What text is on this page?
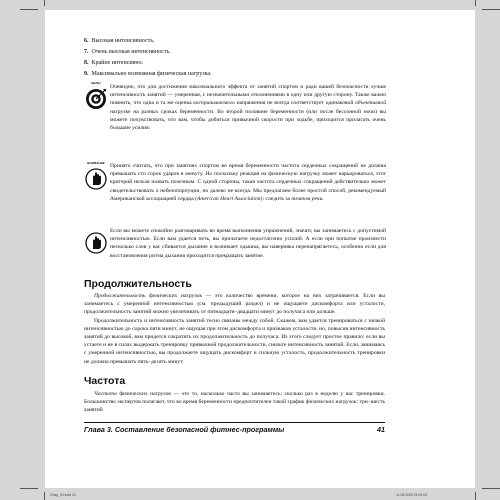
6. Высокая интенсивность.
7. Очень высокая интенсивность.
8. Крайне интенсивно.
9. Максимально возможная физическая нагрузка.
ЦЕЛЬ!
Очевидно, что для достижения максимального эффекта от занятий спортом и ради вашей безопасности лучше интенсивность занятий — умеренная, с незначительными отклонениями в одну или другую сторону. Также важно помнить, что одна и та же оценка воспринимаемого напряжения не всегда соответствует одинаковой объективной нагрузке на разных сроках беременности. Во второй половине беременности (или после бессонной ночи) вы можете почувствовать, что вам, чтобы добиться привычной скорости при ходьбе, приходится прилагать очень большие усилия.
ВНИМАНИЕ Принято считать, что при занятиях спортом во время беременности частота сердечных сокращений не должна превышать сто сорок ударов в минуту. Но поскольку реакция на физическую нагрузку может варьироваться, этот критерий нельзя назвать полезным. С одной стороны, такая частота сердечных сокращений действительно может свидетельствовать о небезопорпуции, но далеко не всегда. Мы предлагаем более простой способ, рекомендуемый Американской ассоциацией сердца (American Heart Association): следить за темпом речи.
Если вы можете спокойно разговаривать во время выполнения упражнений, значит, вы занимаетесь с допустимой интенсивностью. Если вам удается петь, вы прилагаете недостаточно усилий. А если при попытке произнести несколько слов у вас сбивается дыхание и возникает одышка, вы наверняка перенапрягаетесь, особенно если для восстановления ритма дыхания приходится прекращать занятие.
Продолжительность
Продолжительность физических нагрузок — это количество времени, которое на них затрачивается. Если вы занимаетесь с умеренной интенсивностью (см. предыдущий раздел) и не ощущаете дискомфорта или усталости, продолжительность занятий можно увеличивать от пятнадцати–двадцати минут до получаса или дольше.
Продолжительность и интенсивность занятий тесно связаны между собой. Скажем, вам удается тренироваться с низкой интенсивностью до сорока пяти минут, не ощущая при этом дискомфорта и признаков усталости, но, повысив интенсивность занятий до высокой, вам придется сократить их продолжительность до получаса. Из этого следует простое правило: если вы устаете и не в силах выдержать тренировку привычной продолжительности, снизьте интенсивность занятий. Если, занимаясь с умеренной интенсивностью, вы продолжаете ощущать дискомфорт и сильную усталость, продолжительность тренировки не должна превышать пять–десять минут.
Частота
Частота физических нагрузок — это то, насколько часто вы занимаетесь: сколько раз в неделю у вас тренировки. Большинство экспертов полагают, что во время беременности предпочтителен такой график физических нагрузок: три–шесть занятий
Глава 3. Составление безопасной фитнес-программы	41
Chap_03.indd 41	11.08.2005 21:00:03
